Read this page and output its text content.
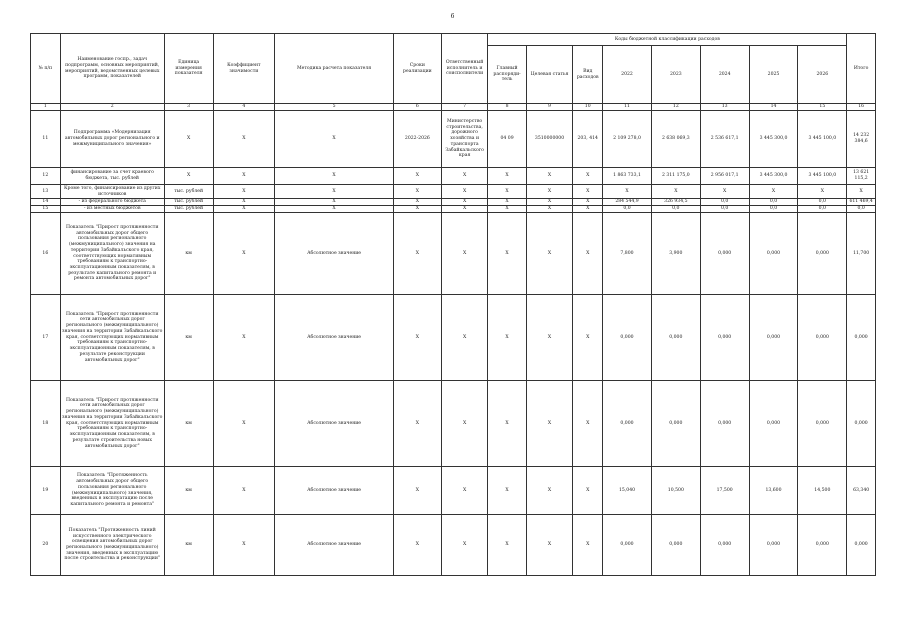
6
№ п/п	Наименование госпр., задач подпрограмм, основных мероприятий, мероприятий, ведомственных целевых программ, показателей	Единица измерения показателя	Коэффициент значимости	Методика расчета показателя	Сроки реализации	Ответственный исполнитель и соисполнители	Коды бюджетной классификации расходов								Итого
							Главный распоряди-тель	Целевая статья	Вид расходов	2022	2023	2024	2025	2026	
1	2	3	4	5	6	7	8	9	10	11	12	13	14	15	16
11	Подпрограмма «Модернизация автомобильных дорог регионального и межмуниципального значения»	Х	Х	Х	2022-2026	Министерство строительства, дорожного хозяйства и транспорта Забайкальского края	04 09	3510000000	203, 414	2 109 278,0	2 638 069,3	2 536 617,1	3 445 300,0	3 445 100,0	14 232 384,6
12	финансирование за счет краевого бюджета, тыс. рублей	Х	Х	Х	Х	Х	Х	Х	Х	1 863 733,1	2 311 175,0	2 956 017,1	3 445 300,0	3 445 100,0	13 621 115,2
13	Кроме того, финансирование из других источников	тыс. рублей	Х	Х	Х	Х	Х	Х	Х	Х	Х	Х	Х	Х	Х
14	- из федерального бюджета	тыс. рублей	Х	Х	Х	Х	Х	Х	Х	284 544,9	326 934,5	0,0	0,0	0,0	611 469,4
15	- из местных бюджетов	тыс. рублей	Х	Х	Х	Х	Х	Х	Х	0,0	0,0	0,0	0,0	0,0	0,0
16	Показатель "Прирост протяженности автомобильных дорог общего пользования регионального (межмуниципального) значения на территории Забайкальского края, соответствующих нормативным требованиям к транспортно-эксплуатационным показателям, в результате капитального ремонта и ремонта автомобильных дорог"	км	Х	Абсолютное значение	Х	Х	Х	Х	Х	7,800	3,900	0,000	0,000	0,000	11,700
17	Показатель "Прирост протяженности сети автомобильных дорог регионального (межмуниципального) значения на территории Забайкальского края, соответствующих нормативным требованиям к транспортно-эксплуатационным показателям, в результате реконструкции автомобильных дорог"	км	Х	Абсолютное значение	Х	Х	Х	Х	Х	0,000	0,000	0,000	0,000	0,000	0,000
18	Показатель "Прирост протяженности сети автомобильных дорог регионального (межмуниципального) значения на территории Забайкальского края, соответствующих нормативным требованиям к транспортно-эксплуатационным показателям, в результате строительства новых автомобильных дорог"	км	Х	Абсолютное значение	Х	Х	Х	Х	Х	0,000	0,000	0,000	0,000	0,000	0,000
19	Показатель "Протяженность автомобильных дорог общего пользования регионального (межмуниципального) значения, введенных в эксплуатацию после капитального ремонта и ремонта"	км	Х	Абсолютное значение	Х	Х	Х	Х	Х	15,040	10,500	17,500	13,600	14,500	63,340
20	Показатель "Протяженность линий искусственного электрического освещения автомобильных дорог регионального (межмуниципального) значения, введенных в эксплуатацию после строительства и реконструкции"	км	Х	Абсолютное значение	Х	Х	Х	Х	Х	0,000	0,000	0,000	0,000	0,000	0,000
